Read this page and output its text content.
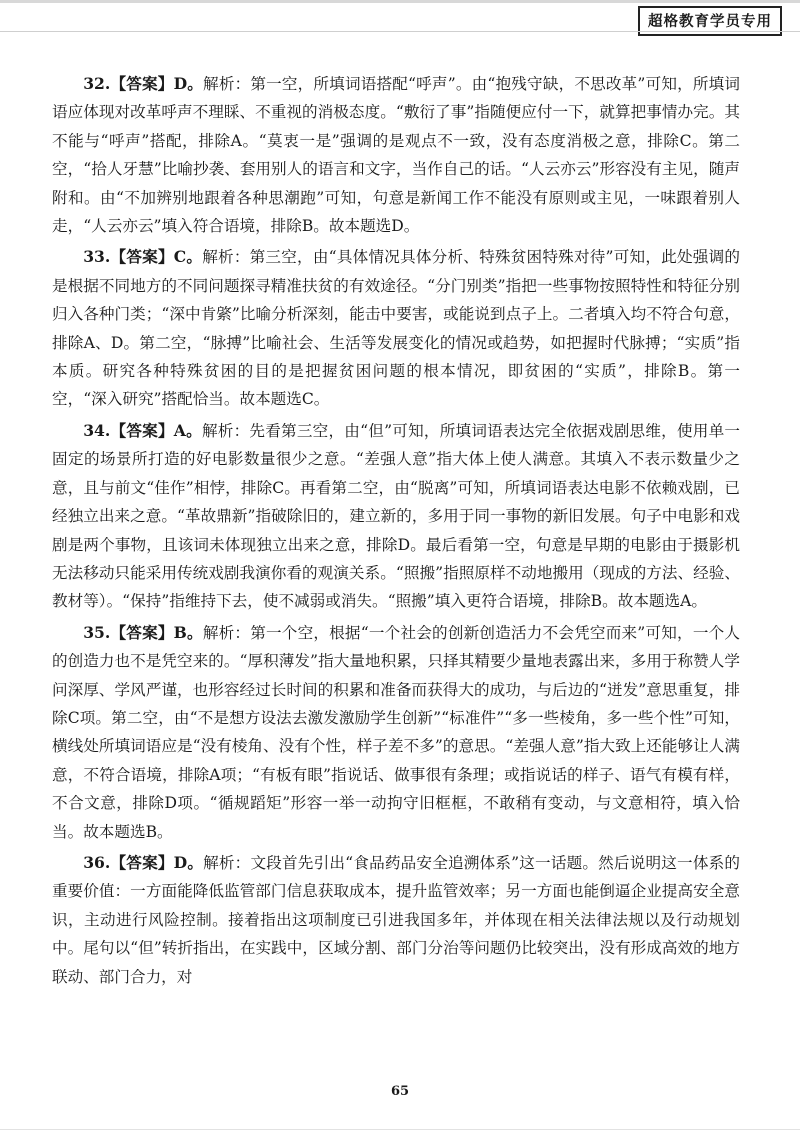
超格教育学员专用

32.【答案】D。解析：第一空，所填词语搭配“呼声”。由“抱残守缺，不思改革”可知，所填词语应体现对改革呼声不理睬、不重视的消极态度。“敷衍了事”指随便应付一下，就算把事情办完。其不能与“呼声”搭配，排除A。“莫衷一是”强调的是观点不一致，没有态度消极之意，排除C。第二空，“拾人牙慧”比喻抄袭、套用别人的语言和文字，当作自己的话。“人云亦云”形容没有主见，随声附和。由“不加辨别地跟着各种思潮跑”可知，句意是新闻工作不能没有原则或主见，一味跟着别人走，“人云亦云”填入符合语境，排除B。故本题选D。

33.【答案】C。解析：第三空，由“具体情况具体分析、特殊贫困特殊对待”可知，此处强调的是根据不同地方的不同问题探寻精准扶贫的有效途径。“分门别类”指把一些事物按照特性和特征分别归入各种门类；“深中肯綮”比喻分析深刻，能击中要害，或能说到点子上。二者填入均不符合句意，排除A、D。第二空，“脉搏”比喻社会、生活等发展变化的情况或趋势，如把握时代脉搏；“实质”指本质。研究各种特殊贫困的目的是把握贫困问题的根本情况，即贫困的“实质”，排除B。第一空，“深入研究”搭配恰当。故本题选C。

34.【答案】A。解析：先看第三空，由“但”可知，所填词语表达完全依据戏剧思维，使用单一固定的场景所打造的好电影数量很少之意。“差强人意”指大体上使人满意。其填入不表示数量少之意，且与前文“佳作”相悖，排除C。再看第二空，由“脱离”可知，所填词语表达电影不依赖戏剧，已经独立出来之意。“革故鼎新”指破除旧的，建立新的，多用于同一事物的新旧发展。句子中电影和戏剧是两个事物，且该词未体现独立出来之意，排除D。最后看第一空，句意是早期的电影由于摄影机无法移动只能采用传统戏剧我演你看的观演关系。“照搬”指照原样不动地搬用（现成的方法、经验、教材等）。“保持”指维持下去，使不减弱或消失。“照搬”填入更符合语境，排除B。故本题选A。

35.【答案】B。解析：第一个空，根据“一个社会的创新创造活力不会凭空而来”可知，一个人的创造力也不是凭空来的。“厚积薄发”指大量地积累，只择其精要少量地表露出来，多用于称赞人学问深厚、学风严谨，也形容经过长时间的积累和准备而获得大的成功，与后边的“迸发”意思重复，排除C项。第二空，由“不是想方设法去激发激励学生创新”“标准件”“多一些棱角，多一些个性”可知，横线处所填词语应是“没有棱角、没有个性，样子差不多”的意思。“差强人意”指大致上还能够让人满意，不符合语境，排除A项；“有板有眼”指说话、做事很有条理；或指说话的样子、语气有模有样，不合文意，排除D项。“循规蹈矩”形容一举一动拘守旧框框，不敢稍有变动，与文意相符，填入恰当。故本题选B。

36.【答案】D。解析：文段首先引出“食品药品安全追溯体系”这一话题。然后说明这一体系的重要价值：一方面能降低监管部门信息获取成本，提升监管效率；另一方面也能倒逼企业提高安全意识，主动进行风险控制。接着指出这项制度已引进我国多年，并体现在相关法律法规以及行动规划中。尾句以“但”转折指出，在实践中，区域分割、部门分治等问题仍比较突出，没有形成高效的地方联动、部门合力，对

65
